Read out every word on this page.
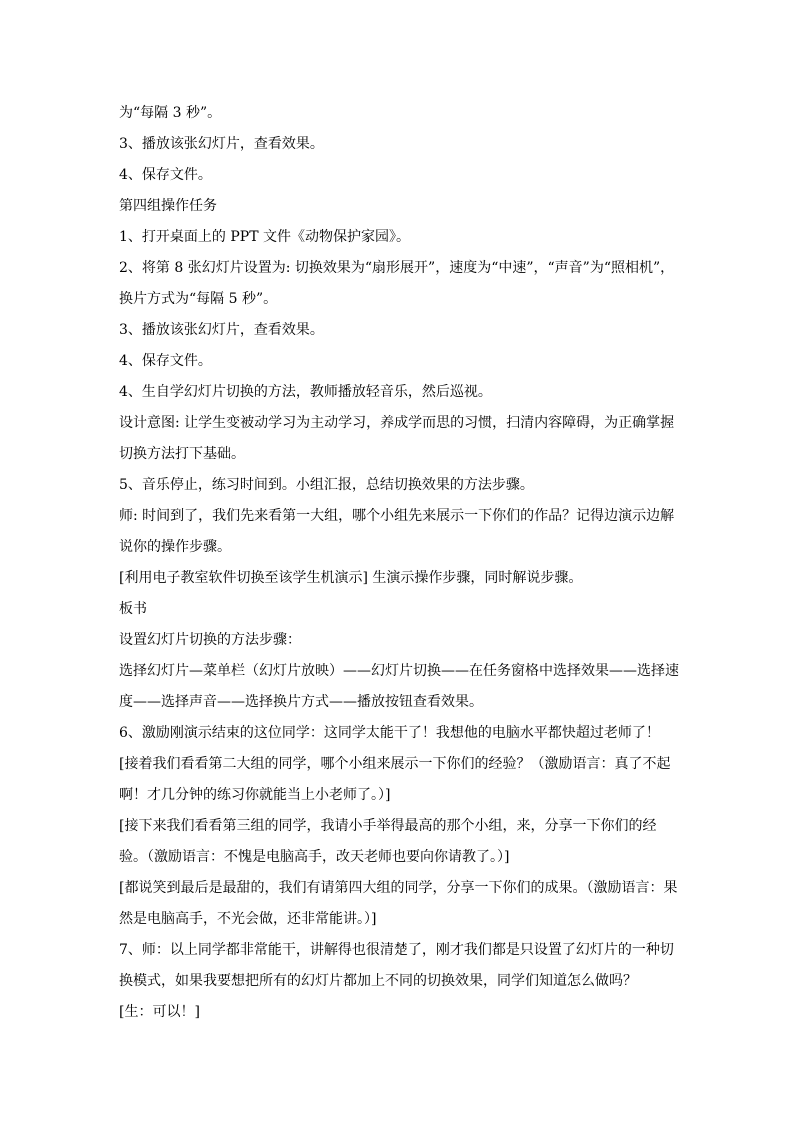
为“每隔 3 秒”。

3、播放该张幻灯片，查看效果。

4、保存文件。

第四组操作任务

1、打开桌面上的 PPT 文件《动物保护家园》。

2、将第 8 张幻灯片设置为: 切换效果为“扇形展开”，速度为“中速”，“声音”为“照相机”，换片方式为“每隔 5 秒”。

3、播放该张幻灯片，查看效果。

4、保存文件。

4、生自学幻灯片切换的方法，教师播放轻音乐，然后巡视。

设计意图: 让学生变被动学习为主动学习，养成学而思的习惯，扫清内容障碍，为正确掌握切换方法打下基础。

5、音乐停止，练习时间到。小组汇报，总结切换效果的方法步骤。

师: 时间到了，我们先来看第一大组，哪个小组先来展示一下你们的作品？记得边演示边解说你的操作步骤。

[利用电子教室软件切换至该学生机演示] 生演示操作步骤，同时解说步骤。

板书

设置幻灯片切换的方法步骤：

选择幻灯片—菜单栏（幻灯片放映）——幻灯片切换——在任务窗格中选择效果——选择速度——选择声音——选择换片方式——播放按钮查看效果。

6、激励刚演示结束的这位同学：这同学太能干了！我想他的电脑水平都快超过老师了！

[接着我们看看第二大组的同学，哪个小组来展示一下你们的经验？（激励语言：真了不起啊！才几分钟的练习你就能当上小老师了。）]

[接下来我们看看第三组的同学，我请小手举得最高的那个小组，来，分享一下你们的经验。（激励语言：不愧是电脑高手，改天老师也要向你请教了。）]

[都说笑到最后是最甜的，我们有请第四大组的同学，分享一下你们的成果。（激励语言：果然是电脑高手，不光会做，还非常能讲。）]

7、师：以上同学都非常能干，讲解得也很清楚了，刚才我们都是只设置了幻灯片的一种切换模式，如果我要想把所有的幻灯片都加上不同的切换效果，同学们知道怎么做吗？

[生：可以！]
